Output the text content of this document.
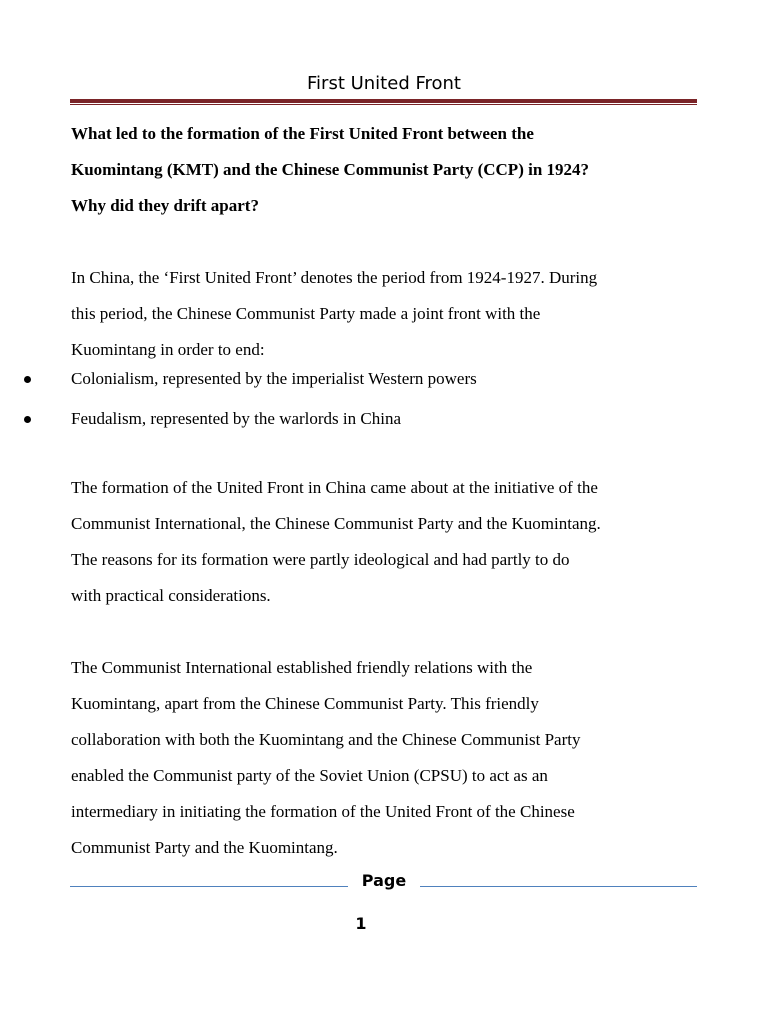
First United Front
What led to the formation of the First United Front between the
Kuomintang (KMT) and the Chinese Communist Party (CCP) in 1924?
Why did they drift apart?
In China, the ‘First United Front’ denotes the period from 1924-1927. During
this period, the Chinese Communist Party made a joint front with the
Kuomintang in order to end:
Colonialism, represented by the imperialist Western powers
Feudalism, represented by the warlords in China
The formation of the United Front in China came about at the initiative of the
Communist International, the Chinese Communist Party and the Kuomintang.
The reasons for its formation were partly ideological and had partly to do
with practical considerations.
The Communist International established friendly relations with the
Kuomintang, apart from the Chinese Communist Party. This friendly
collaboration with both the Kuomintang and the Chinese Communist Party
enabled the Communist party of the Soviet Union (CPSU) to act as an
intermediary in initiating the formation of the United Front of the Chinese
Communist Party and the Kuomintang.
Page
1
